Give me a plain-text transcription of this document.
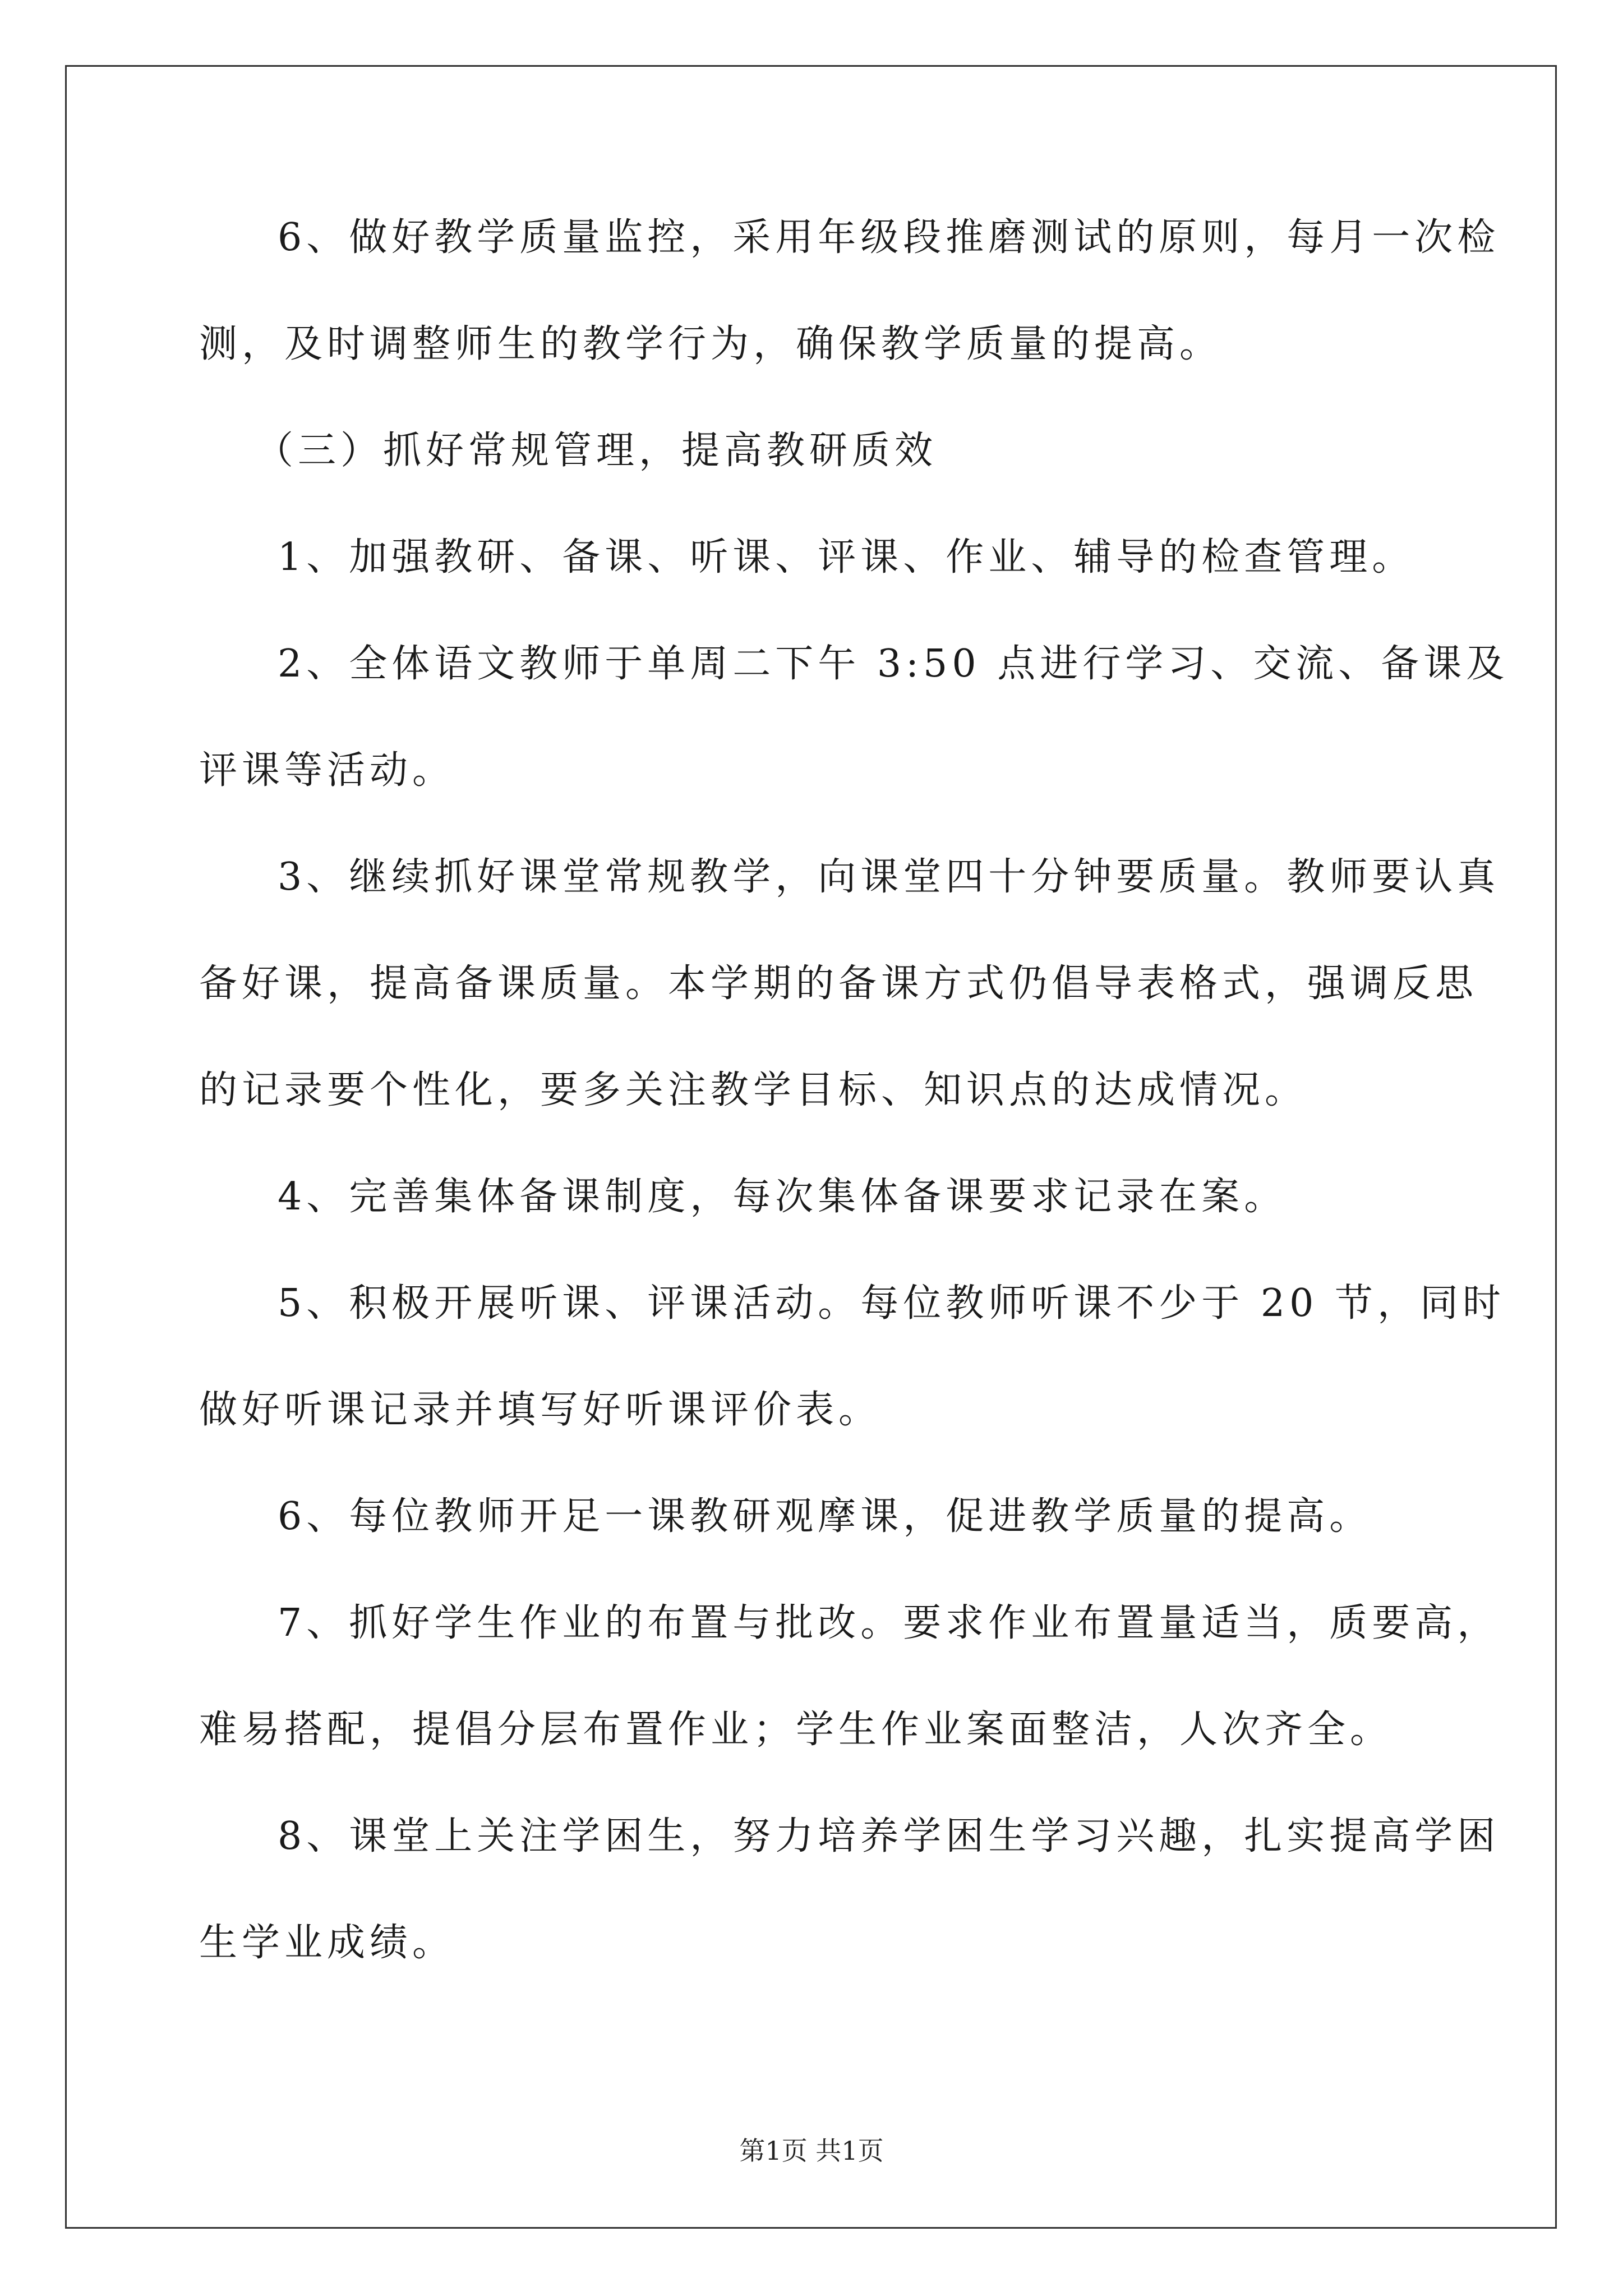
6、做好教学质量监控，采用年级段推磨测试的原则，每月一次检
测，及时调整师生的教学行为，确保教学质量的提高。
（三）抓好常规管理，提高教研质效
1、加强教研、备课、听课、评课、作业、辅导的检查管理。
2、全体语文教师于单周二下午 3:50 点进行学习、交流、备课及
评课等活动。
3、继续抓好课堂常规教学，向课堂四十分钟要质量。教师要认真
备好课，提高备课质量。本学期的备课方式仍倡导表格式，强调反思
的记录要个性化，要多关注教学目标、知识点的达成情况。
4、完善集体备课制度，每次集体备课要求记录在案。
5、积极开展听课、评课活动。每位教师听课不少于 20 节，同时
做好听课记录并填写好听课评价表。
6、每位教师开足一课教研观摩课，促进教学质量的提高。
7、抓好学生作业的布置与批改。要求作业布置量适当，质要高，
难易搭配，提倡分层布置作业；学生作业案面整洁，人次齐全。
8、课堂上关注学困生，努力培养学困生学习兴趣，扎实提高学困
生学业成绩。
第1页 共1页
